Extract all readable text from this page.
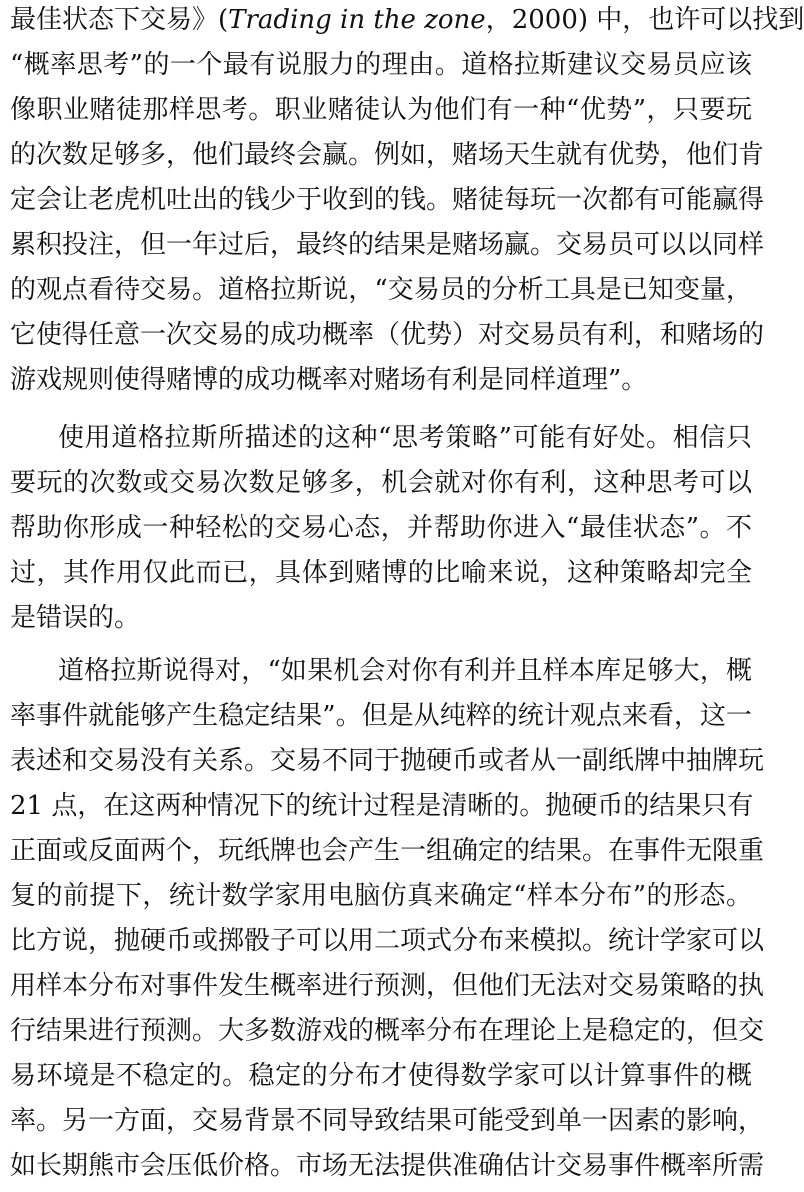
最佳状态下交易》(Trading in the zone，2000) 中，也许可以找到
“概率思考”的一个最有说服力的理由。道格拉斯建议交易员应该
像职业赌徒那样思考。职业赌徒认为他们有一种“优势”，只要玩
的次数足够多，他们最终会赢。例如，赌场天生就有优势，他们肯
定会让老虎机吐出的钱少于收到的钱。赌徒每玩一次都有可能赢得
累积投注，但一年过后，最终的结果是赌场赢。交易员可以以同样
的观点看待交易。道格拉斯说，“交易员的分析工具是已知变量，
它使得任意一次交易的成功概率（优势）对交易员有利，和赌场的
游戏规则使得赌博的成功概率对赌场有利是同样道理”。
使用道格拉斯所描述的这种“思考策略”可能有好处。相信只
要玩的次数或交易次数足够多，机会就对你有利，这种思考可以
帮助你形成一种轻松的交易心态，并帮助你进入“最佳状态”。不
过，其作用仅此而已，具体到赌博的比喻来说，这种策略却完全
是错误的。
道格拉斯说得对，“如果机会对你有利并且样本库足够大，概
率事件就能够产生稳定结果”。但是从纯粹的统计观点来看，这一
表述和交易没有关系。交易不同于抛硬币或者从一副纸牌中抽牌玩
21 点，在这两种情况下的统计过程是清晰的。抛硬币的结果只有
正面或反面两个，玩纸牌也会产生一组确定的结果。在事件无限重
复的前提下，统计数学家用电脑仿真来确定“样本分布”的形态。
比方说，抛硬币或掷骰子可以用二项式分布来模拟。统计学家可以
用样本分布对事件发生概率进行预测，但他们无法对交易策略的执
行结果进行预测。大多数游戏的概率分布在理论上是稳定的，但交
易环境是不稳定的。稳定的分布才使得数学家可以计算事件的概
率。另一方面，交易背景不同导致结果可能受到单一因素的影响，
如长期熊市会压低价格。市场无法提供准确估计交易事件概率所需
